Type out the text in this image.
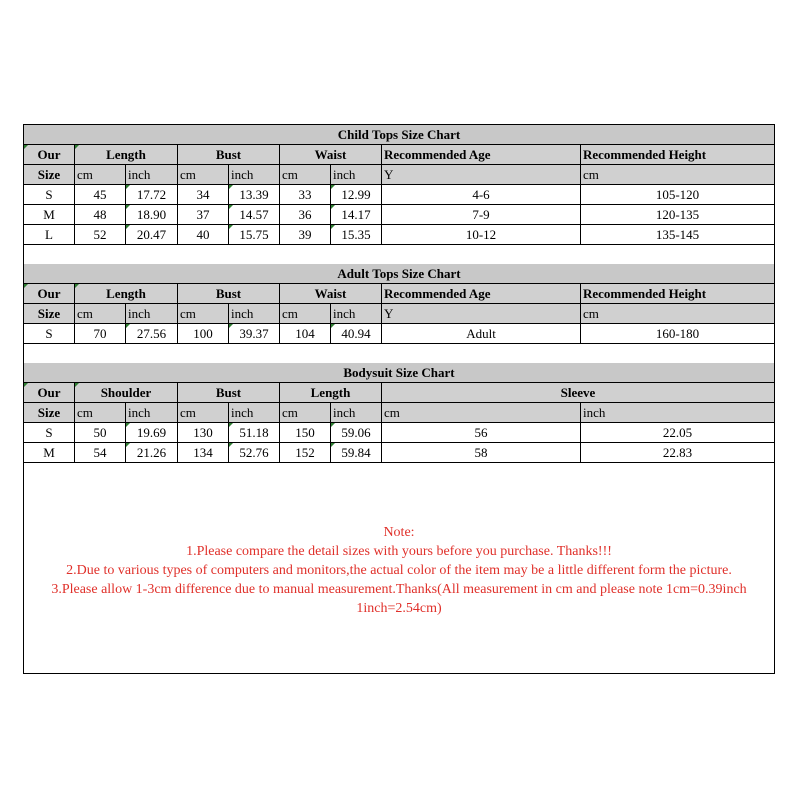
Child Tops Size Chart
Our	Length	Bust	Waist	Recommended Age	Recommended Height
Size	cm	inch	cm	inch	cm	inch	Y	cm
S	45	17.72	34	13.39	33	12.99	4-6	105-120
M	48	18.90	37	14.57	36	14.17	7-9	120-135
L	52	20.47	40	15.75	39	15.35	10-12	135-145
Adult Tops Size Chart
Our	Length	Bust	Waist	Recommended Age	Recommended Height
Size	cm	inch	cm	inch	cm	inch	Y	cm
S	70	27.56	100	39.37	104	40.94	Adult	160-180
Bodysuit Size Chart
Our	Shoulder	Bust	Length	Sleeve
Size	cm	inch	cm	inch	cm	inch	cm	inch
S	50	19.69	130	51.18	150	59.06	56	22.05
M	54	21.26	134	52.76	152	59.84	58	22.83
Note:
1.Please compare the detail sizes with yours before you purchase. Thanks!!!
2.Due to various types of computers and monitors,the actual color of the item may be a little different form the picture.
3.Please allow 1-3cm difference due to manual measurement.Thanks(All measurement in cm and please note 1cm=0.39inch 1inch=2.54cm)
